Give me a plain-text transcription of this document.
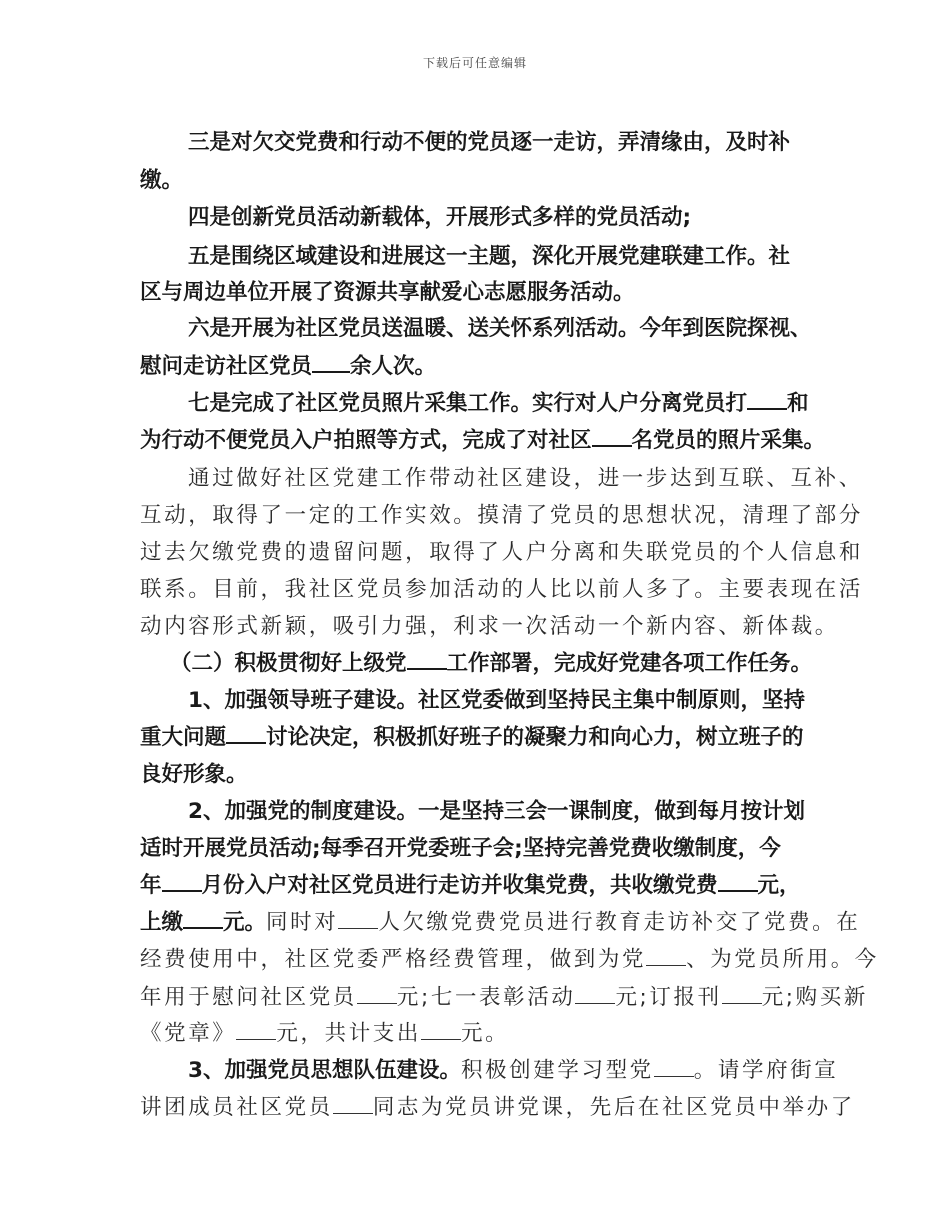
下载后可任意编辑
三是对欠交党费和行动不便的党员逐一走访，弄清缘由，及时补
缴。
四是创新党员活动新载体，开展形式多样的党员活动;
五是围绕区域建设和进展这一主题，深化开展党建联建工作。社
区与周边单位开展了资源共享献爱心志愿服务活动。
六是开展为社区党员送温暖、送关怀系列活动。今年到医院探视、
慰问走访社区党员 余人次。
七是完成了社区党员照片采集工作。实行对人户分离党员打 和
为行动不便党员入户拍照等方式，完成了对社区 名党员的照片采集。
通过做好社区党建工作带动社区建设，进一步达到互联、互补、
互动，取得了一定的工作实效。摸清了党员的思想状况，清理了部分
过去欠缴党费的遗留问题，取得了人户分离和失联党员的个人信息和
联系。目前，我社区党员参加活动的人比以前人多了。主要表现在活
动内容形式新颖，吸引力强，利求一次活动一个新内容、新体裁。
（二）积极贯彻好上级党 工作部署，完成好党建各项工作任务。
1、加强领导班子建设。社区党委做到坚持民主集中制原则，坚持
重大问题 讨论决定，积极抓好班子的凝聚力和向心力，树立班子的
良好形象。
2、加强党的制度建设。一是坚持三会一课制度，做到每月按计划
适时开展党员活动;每季召开党委班子会;坚持完善党费收缴制度，今
年 月份入户对社区党员进行走访并收集党费，共收缴党费 元，
上缴 元。同时对 人欠缴党费党员进行教育走访补交了党费。在
经费使用中，社区党委严格经费管理，做到为党 、为党员所用。今
年用于慰问社区党员 元;七一表彰活动 元;订报刊 元;购买新
《党章》 元，共计支出 元。
3、加强党员思想队伍建设。积极创建学习型党 。请学府街宣
讲团成员社区党员 同志为党员讲党课，先后在社区党员中举办了
